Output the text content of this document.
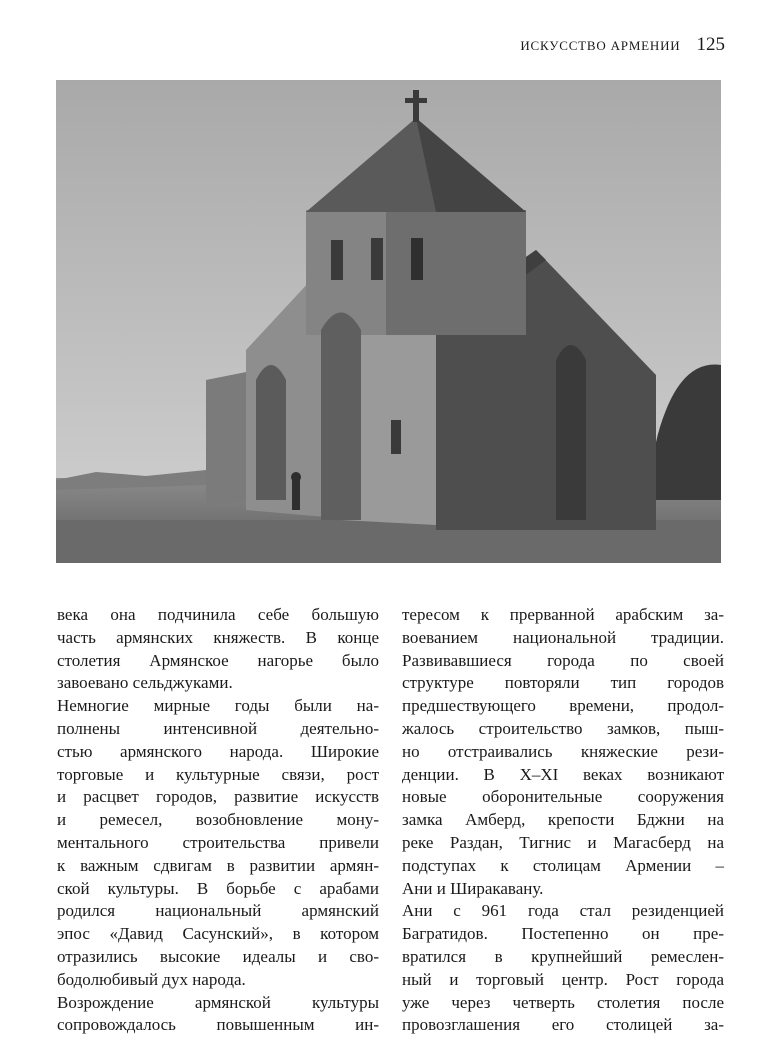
ИСКУССТВО АРМЕНИИ 125

века она подчинила себе большую

часть армянских княжеств. В конце

столетия Армянское нагорье было

завоевано сельджуками.

Немногие мирные годы были на-

полнены интенсивной деятельно-

стью армянского народа. Широкие

торговые и культурные связи, рост

и расцвет городов, развитие искусств

и ремесел, возобновление мону-

ментального строительства привели

к важным сдвигам в развитии армян-

ской культуры. В борьбе с арабами

родился национальный армянский

эпос «Давид Сасунский», в котором

отразились высокие идеалы и сво-

бодолюбивый дух народа.

Возрождение армянской культуры

сопровождалось повышенным ин-

тересом к прерванной арабским за-

воеванием национальной традиции.

Развивавшиеся города по своей

структуре повторяли тип городов

предшествующего времени, продол-

жалось строительство замков, пыш-

но отстраивались княжеские рези-

денции. В X–XI веках возникают

новые оборонительные сооружения

замка Амберд, крепости Бджни на

реке Раздан, Тигнис и Магасберд на

подступах к столицам Армении –

Ани и Ширакавану.

Ани с 961 года стал резиденцией

Багратидов. Постепенно он пре-

вратился в крупнейший ремеслен-

ный и торговый центр. Рост города

уже через четверть столетия после

провозглашения его столицей за-
